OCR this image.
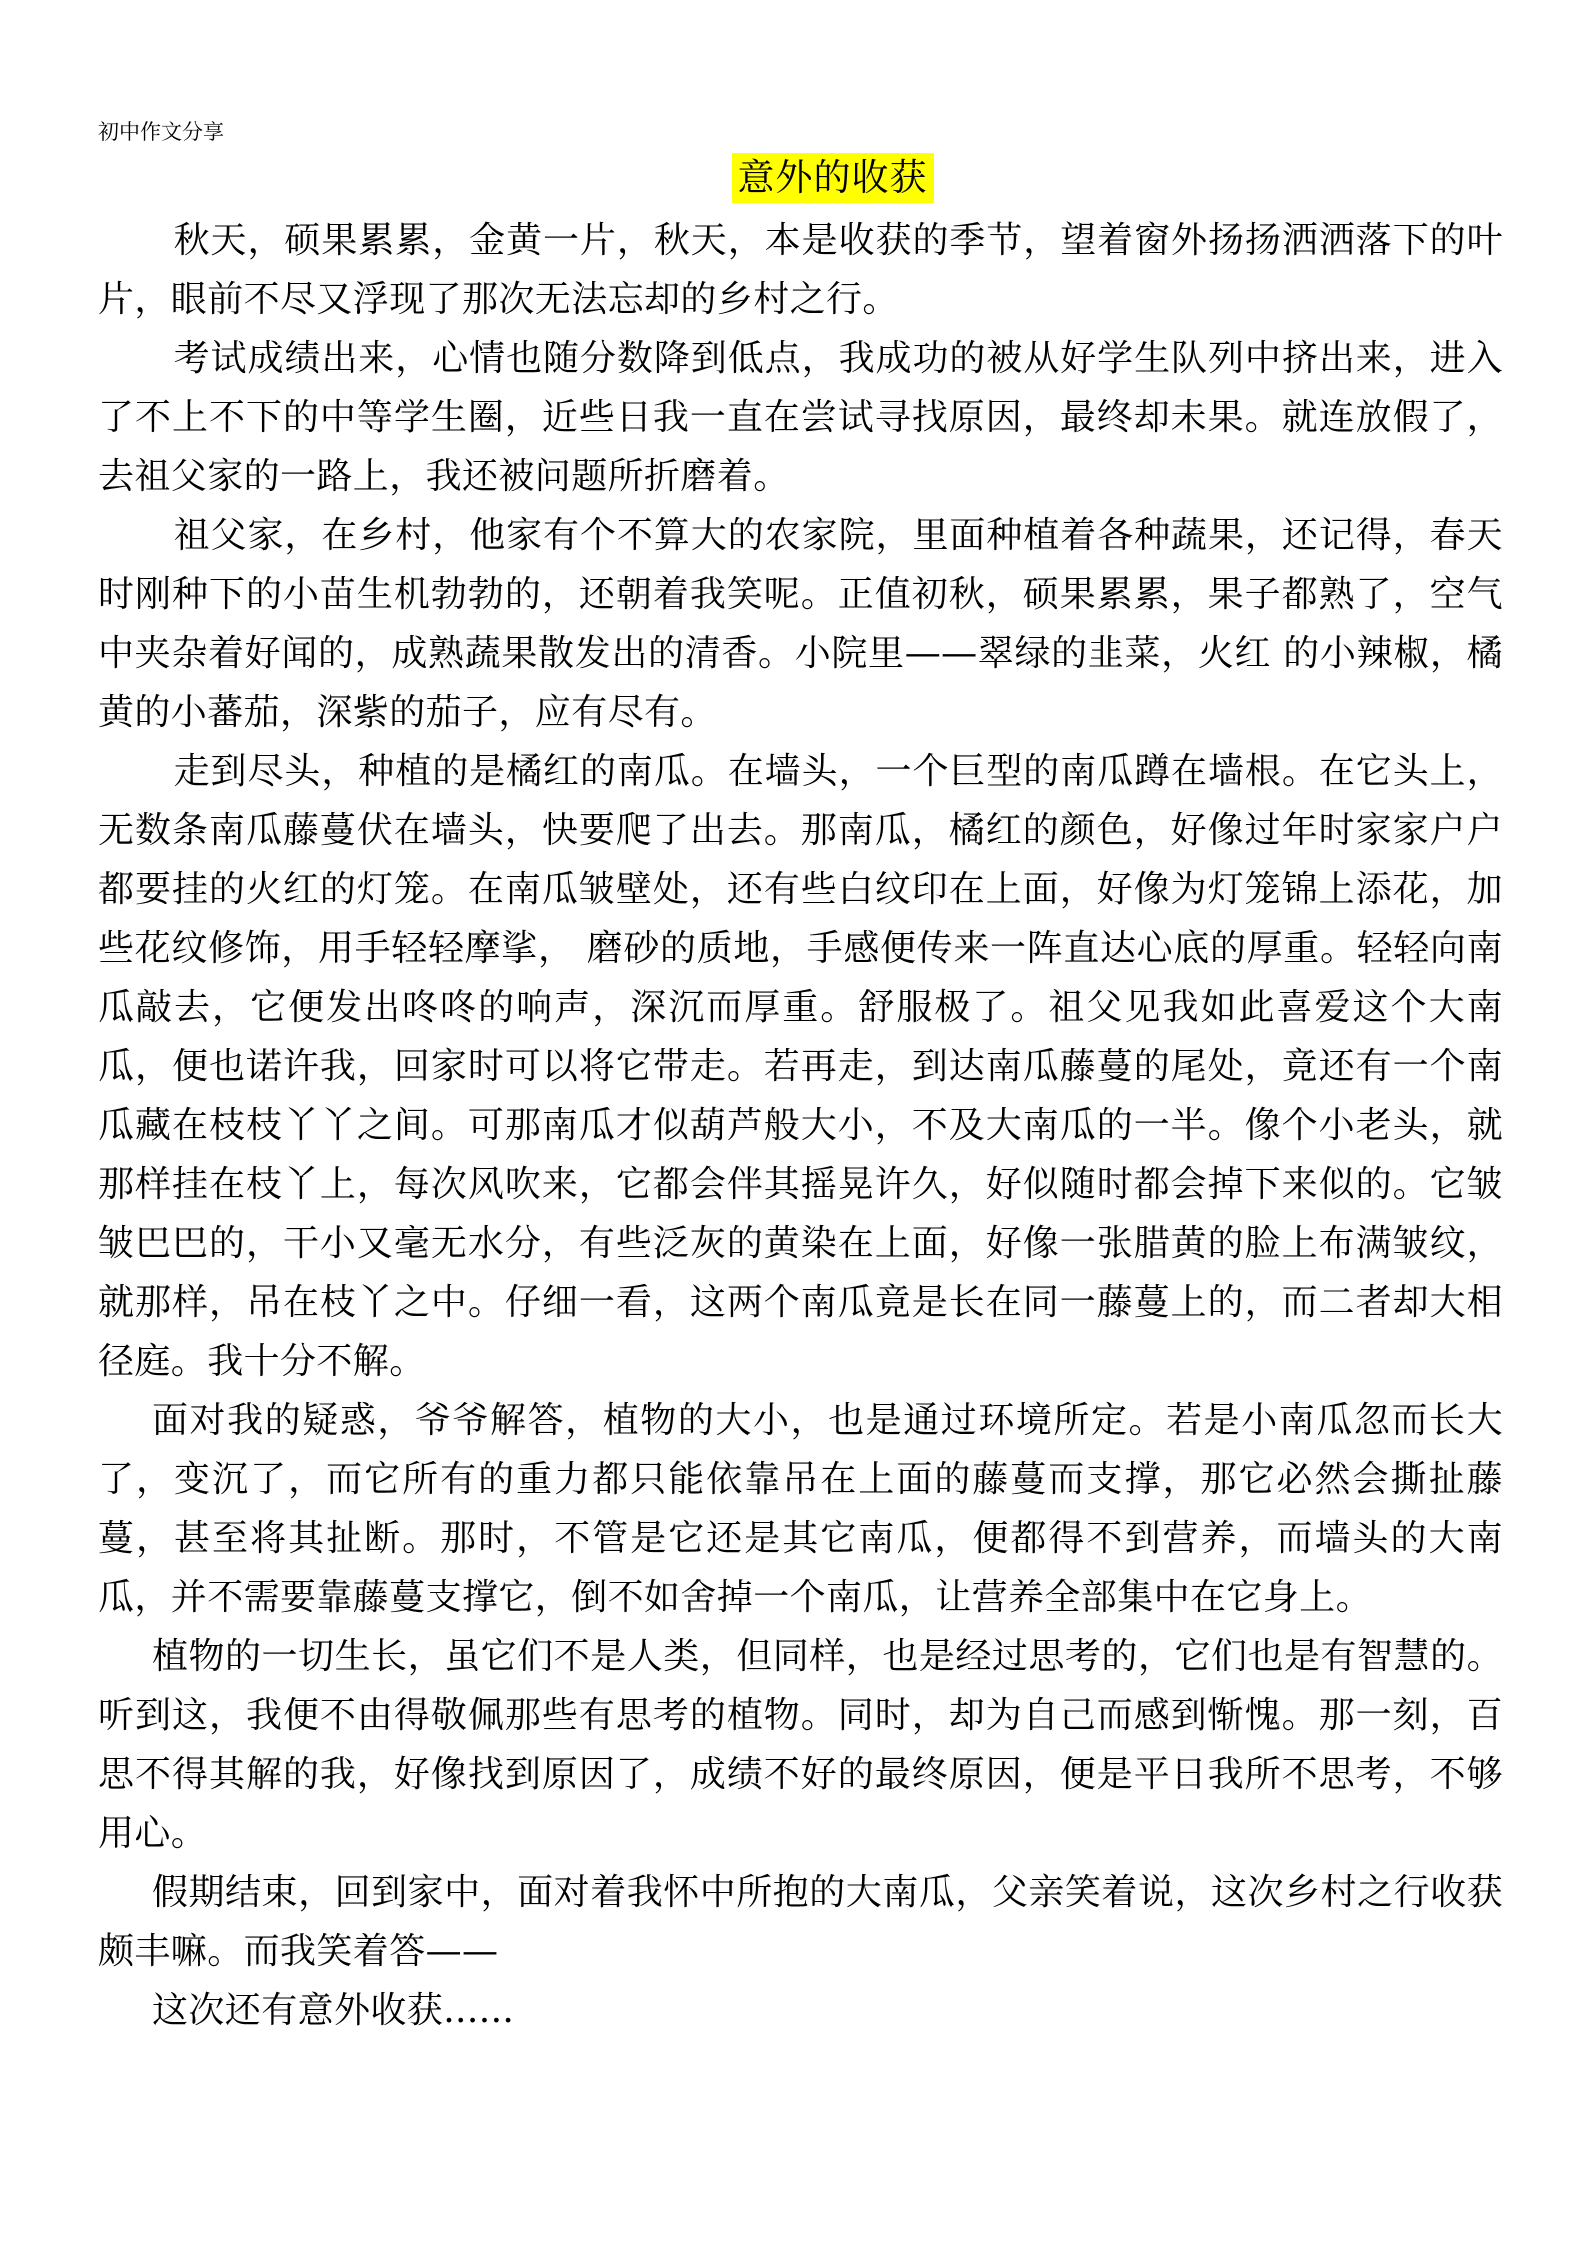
初中作文分享
意外的收获

秋天，硕果累累，金黄一片，秋天，本是收获的季节，望着窗外扬扬洒洒落下的叶片，眼前不尽又浮现了那次无法忘却的乡村之行。

考试成绩出来，心情也随分数降到低点，我成功的被从好学生队列中挤出来，进入了不上不下的中等学生圈，近些日我一直在尝试寻找原因，最终却未果。就连放假了，去祖父家的一路上，我还被问题所折磨着。

祖父家，在乡村，他家有个不算大的农家院，里面种植着各种蔬果，还记得，春天时刚种下的小苗生机勃勃的，还朝着我笑呢。正值初秋，硕果累累，果子都熟了，空气中夹杂着好闻的，成熟蔬果散发出的清香。小院里——翠绿的韭菜，火红 的小辣椒，橘黄的小蕃茄，深紫的茄子，应有尽有。

走到尽头，种植的是橘红的南瓜。在墙头，一个巨型的南瓜蹲在墙根。在它头上，无数条南瓜藤蔓伏在墙头，快要爬了出去。那南瓜，橘红的颜色，好像过年时家家户户都要挂的火红的灯笼。在南瓜皱壁处，还有些白纹印在上面，好像为灯笼锦上添花，加些花纹修饰，用手轻轻摩挲， 磨砂的质地，手感便传来一阵直达心底的厚重。轻轻向南瓜敲去，它便发出咚咚的响声，深沉而厚重。舒服极了。祖父见我如此喜爱这个大南瓜，便也诺许我，回家时可以将它带走。若再走，到达南瓜藤蔓的尾处，竟还有一个南瓜藏在枝枝丫丫之间。可那南瓜才似葫芦般大小，不及大南瓜的一半。像个小老头，就那样挂在枝丫上，每次风吹来，它都会伴其摇晃许久，好似随时都会掉下来似的。它皱皱巴巴的，干小又毫无水分，有些泛灰的黄染在上面，好像一张腊黄的脸上布满皱纹，就那样，吊在枝丫之中。仔细一看，这两个南瓜竟是长在同一藤蔓上的，而二者却大相径庭。我十分不解。

面对我的疑惑，爷爷解答，植物的大小，也是通过环境所定。若是小南瓜忽而长大了，变沉了，而它所有的重力都只能依靠吊在上面的藤蔓而支撑，那它必然会撕扯藤蔓，甚至将其扯断。那时，不管是它还是其它南瓜，便都得不到营养，而墙头的大南瓜，并不需要靠藤蔓支撑它，倒不如舍掉一个南瓜，让营养全部集中在它身上。

植物的一切生长，虽它们不是人类，但同样，也是经过思考的，它们也是有智慧的。听到这，我便不由得敬佩那些有思考的植物。同时，却为自己而感到惭愧。那一刻，百思不得其解的我，好像找到原因了，成绩不好的最终原因，便是平日我所不思考，不够用心。

假期结束，回到家中，面对着我怀中所抱的大南瓜，父亲笑着说，这次乡村之行收获颇丰嘛。而我笑着答——

这次还有意外收获......
